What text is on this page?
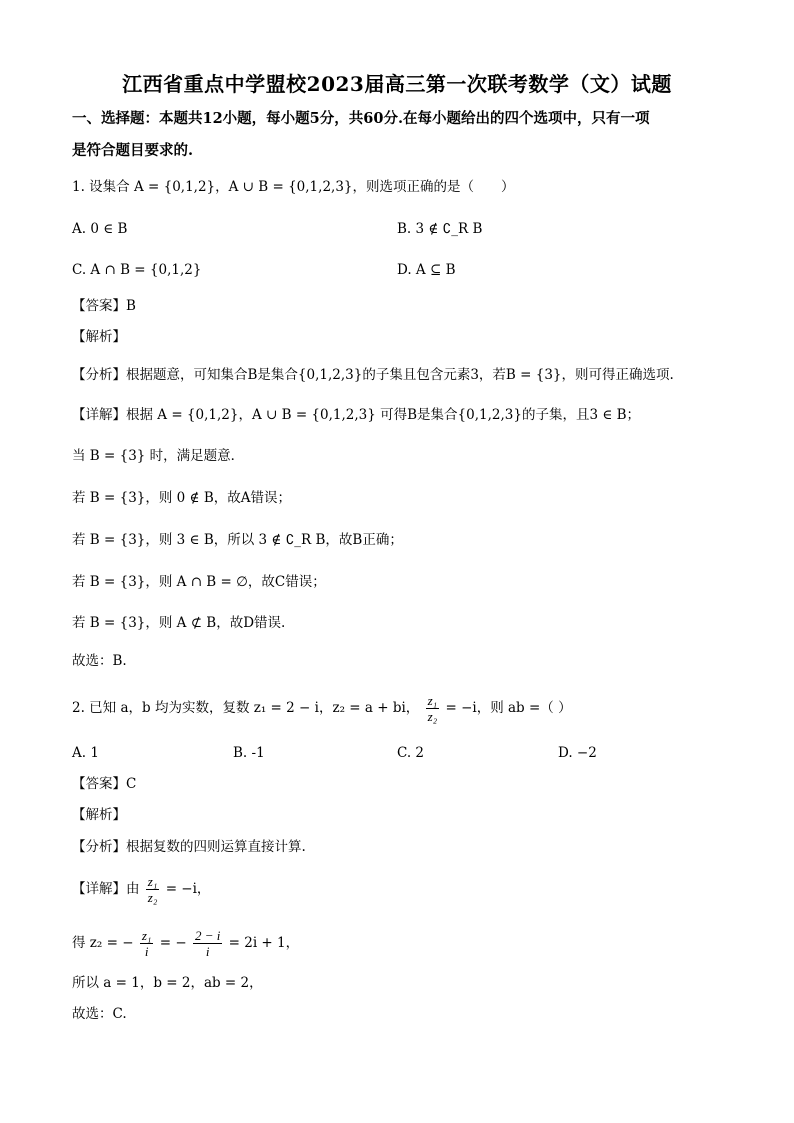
江西省重点中学盟校2023届高三第一次联考数学（文）试题
一、选择题：本题共12小题，每小题5分，共60分.在每小题给出的四个选项中，只有一项
是符合题目要求的.
1. 设集合 A = {0,1,2}，A ∪ B = {0,1,2,3}，则选项正确的是（　　）
A. 0 ∈ B	B. 3 ∉ ∁_R B
C. A ∩ B = {0,1,2}	D. A ⊆ B
【答案】B
【解析】
【分析】根据题意，可知集合B是集合{0,1,2,3}的子集且包含元素3，若B = {3}，则可得正确选项.
【详解】根据 A = {0,1,2}，A ∪ B = {0,1,2,3} 可得B是集合{0,1,2,3}的子集，且3 ∈ B；
当 B = {3} 时，满足题意．
若 B = {3}，则 0 ∉ B，故A错误；
若 B = {3}，则 3 ∈ B，所以 3 ∉ ∁_R B，故B正确；
若 B = {3}，则 A ∩ B = ∅，故C错误；
若 B = {3}，则 A ⊄ B，故D错误.
故选：B.
2. 已知 a，b 均为实数，复数 z₁ = 2 − i，z₂ = a + bi， $\frac{\text{z₁}}{\text{z₂}} = -i$，则 ab =（ ）
A. 1	B. -1	C. 2	D. −2
【答案】C
【解析】
【分析】根据复数的四则运算直接计算.
【详解】由 $\frac{\text{z₁}}{\text{z₂}} = -i$，
得 z₂ = − $\frac{\text{z₁}}{i}$ = − $\frac{2 - i}{i} = 2i + 1$，
所以 a = 1，b = 2，ab = 2，
故选：C.
